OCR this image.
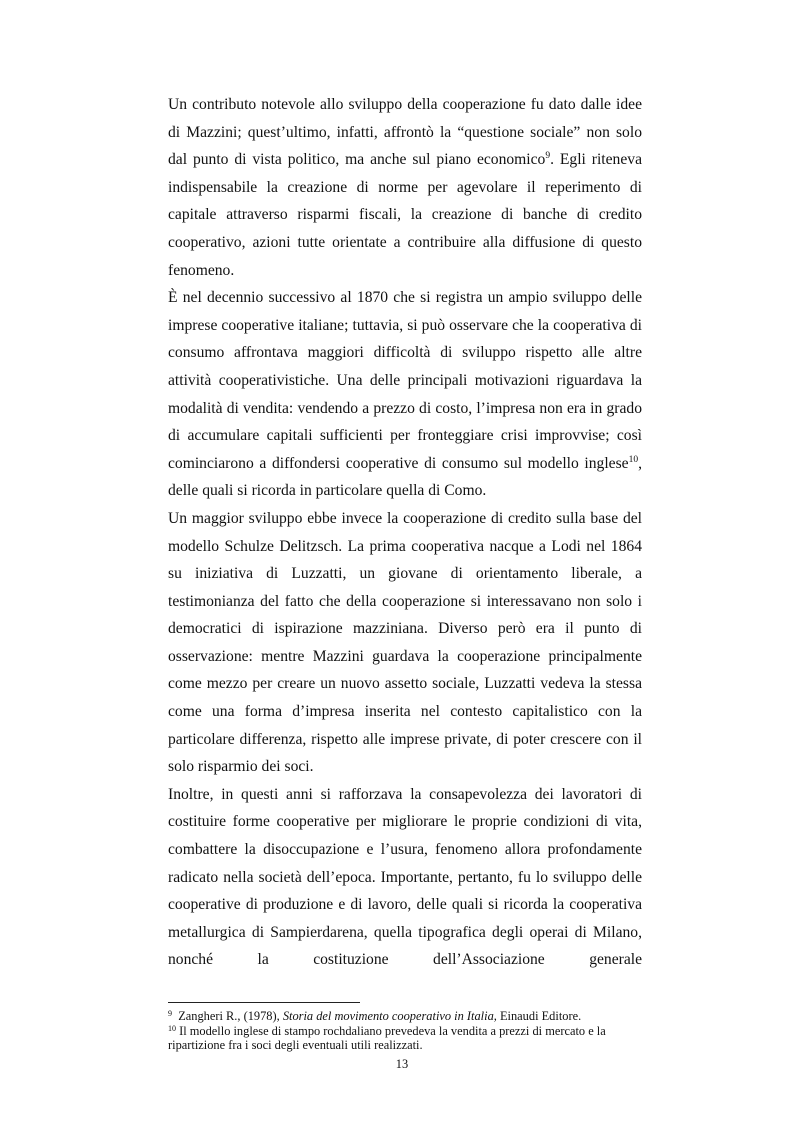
Un contributo notevole allo sviluppo della cooperazione fu dato dalle idee di Mazzini; quest’ultimo, infatti, affrontò la “questione sociale” non solo dal punto di vista politico, ma anche sul piano economico$^9$. Egli riteneva indispensabile la creazione di norme per agevolare il reperimento di capitale attraverso risparmi fiscali, la creazione di banche di credito cooperativo, azioni tutte orientate a contribuire alla diffusione di questo fenomeno.

È nel decennio successivo al 1870 che si registra un ampio sviluppo delle imprese cooperative italiane; tuttavia, si può osservare che la cooperativa di consumo affrontava maggiori difficoltà di sviluppo rispetto alle altre attività cooperativistiche. Una delle principali motivazioni riguardava la modalità di vendita: vendendo a prezzo di costo, l’impresa non era in grado di accumulare capitali sufficienti per fronteggiare crisi improvvise; così cominciarono a diffondersi cooperative di consumo sul modello inglese$^{10}$, delle quali si ricorda in particolare quella di Como.

Un maggior sviluppo ebbe invece la cooperazione di credito sulla base del modello Schulze Delitzsch. La prima cooperativa nacque a Lodi nel 1864 su iniziativa di Luzzatti, un giovane di orientamento liberale, a testimonianza del fatto che della cooperazione si interessavano non solo i democratici di ispirazione mazziniana. Diverso però era il punto di osservazione: mentre Mazzini guardava la cooperazione principalmente come mezzo per creare un nuovo assetto sociale, Luzzatti vedeva la stessa come una forma d’impresa inserita nel contesto capitalistico con la particolare differenza, rispetto alle imprese private, di poter crescere con il solo risparmio dei soci.

Inoltre, in questi anni si rafforzava la consapevolezza dei lavoratori di costituire forme cooperative per migliorare le proprie condizioni di vita, combattere la disoccupazione e l’usura, fenomeno allora profondamente radicato nella società dell’epoca. Importante, pertanto, fu lo sviluppo delle cooperative di produzione e di lavoro, delle quali si ricorda la cooperativa metallurgica di Sampierdarena, quella tipografica degli operai di Milano, nonché la costituzione dell’Associazione generale

$^9$ Zangheri R., (1978), Storia del movimento cooperativo in Italia, Einaudi Editore.

$^{10}$ Il modello inglese di stampo rochdaliano prevedeva la vendita a prezzi di mercato e la ripartizione fra i soci degli eventuali utili realizzati.

13
